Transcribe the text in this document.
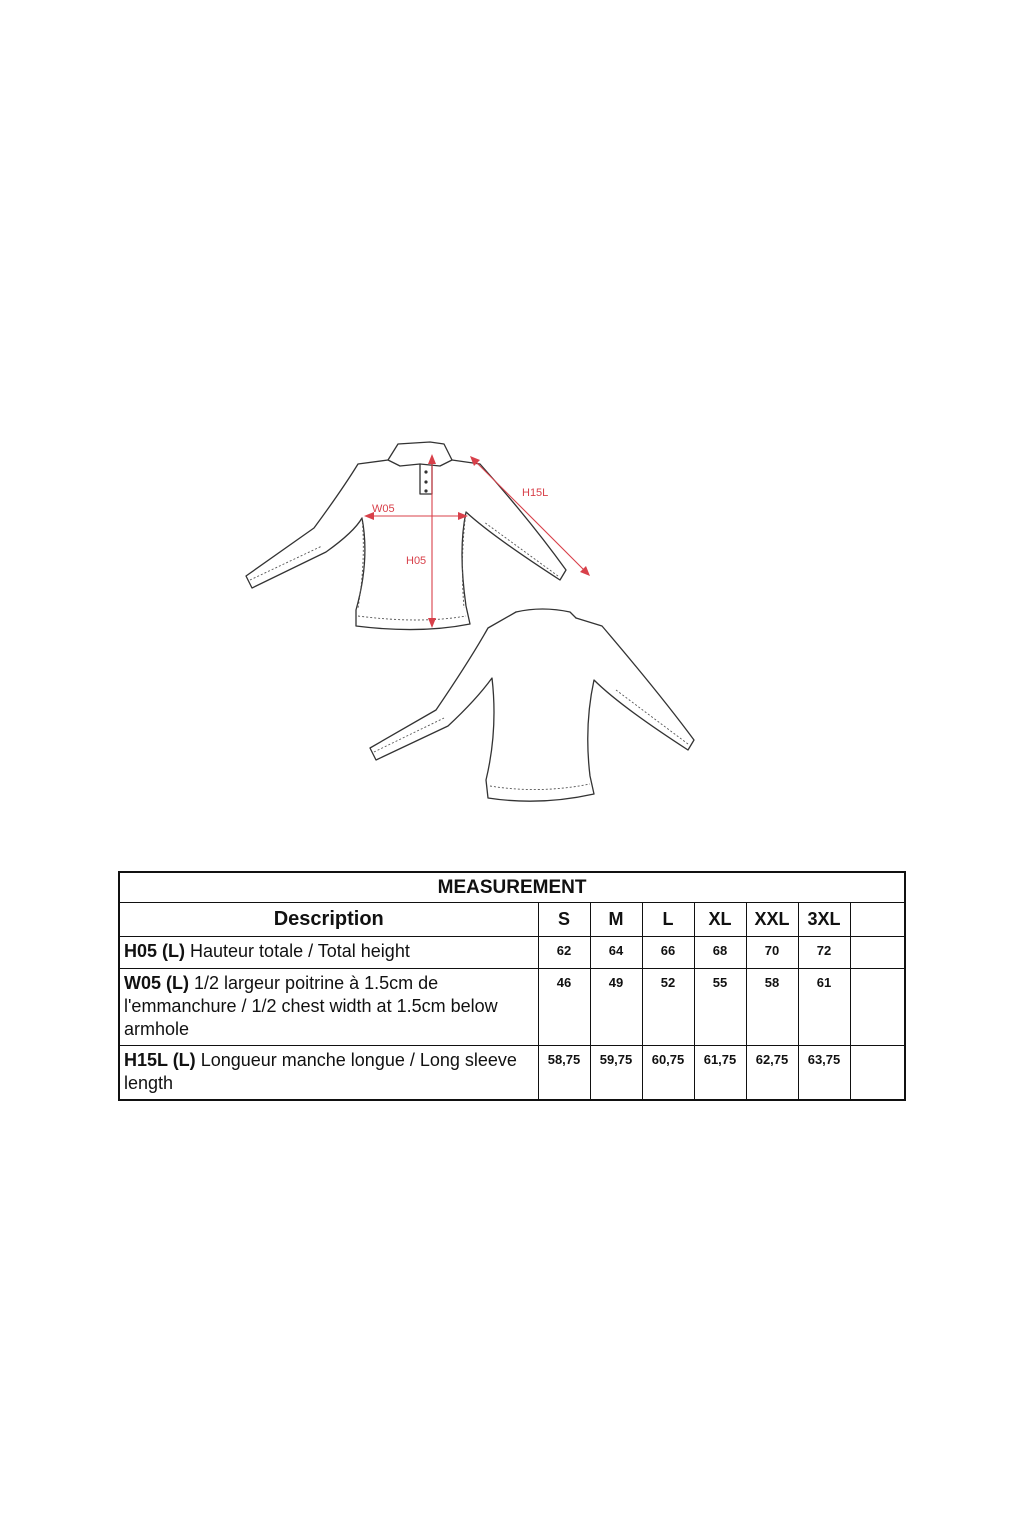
H15L
W05
H05
MEASUREMENT							
Description	S	M	L	XL	XXL	3XL	
H05 (L) Hauteur totale / Total height	62	64	66	68	70	72	
W05 (L) 1/2 largeur poitrine à 1.5cm de l'emmanchure / 1/2 chest width at 1.5cm below armhole	46	49	52	55	58	61	
H15L (L) Longueur manche longue / Long sleeve length	58,75	59,75	60,75	61,75	62,75	63,75	
